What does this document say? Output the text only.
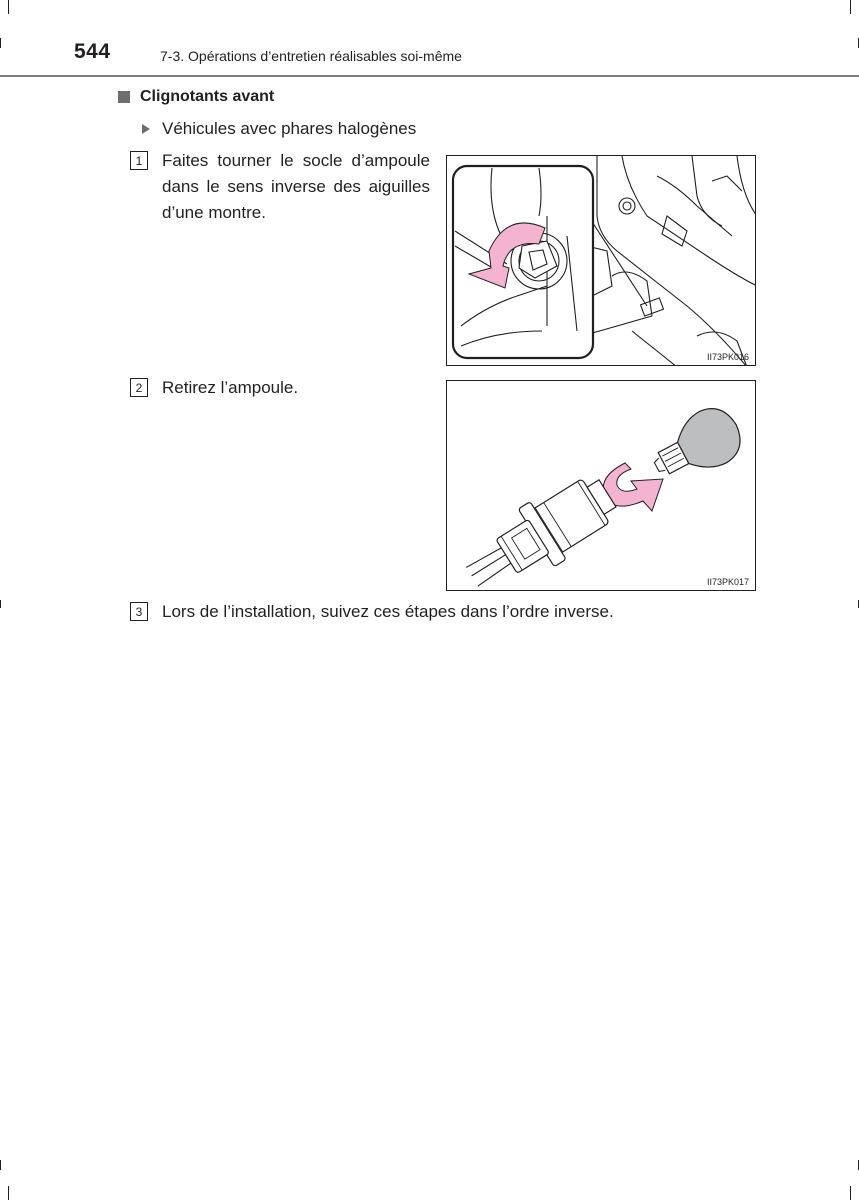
544	7-3. Opérations d’entretien réalisables soi-même
Clignotants avant
Véhicules avec phares halogènes
1	Faites tourner le socle d’ampoule dans le sens inverse des aiguilles d’une montre.
II73PK016
2	Retirez l’ampoule.
II73PK017
3	Lors de l’installation, suivez ces étapes dans l’ordre inverse.
